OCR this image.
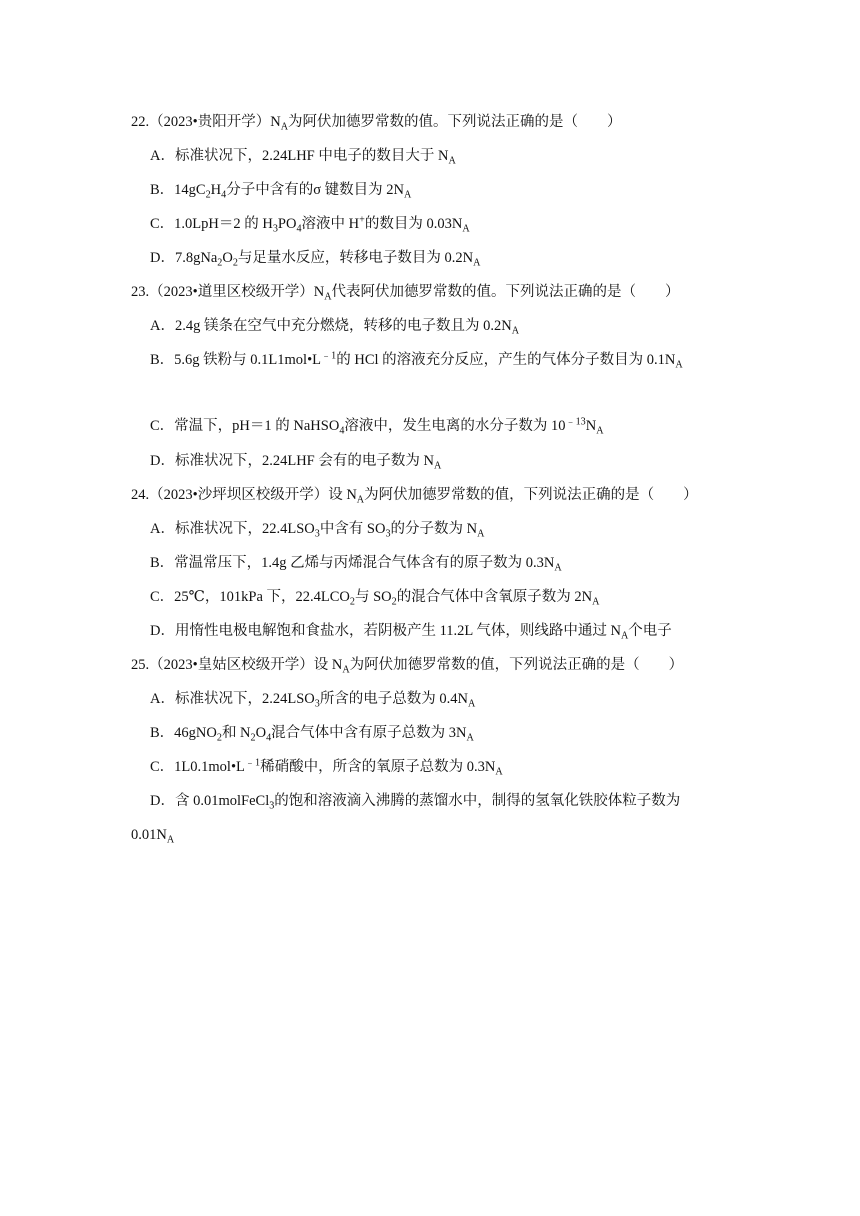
22.（2023•贵阳开学）$N_A$为阿伏加德罗常数的值。下列说法正确的是（　　）
A．标准状况下，2.24LHF 中电子的数目大于 $N_A$
B．$14gC_2H_4$分子中含有的σ 键数目为 $2N_A$
C．1.0LpH＝2 的 $H_3PO_4$溶液中 H+的数目为 $0.03N_A$
D．$7.8gNa_2O_2$与足量水反应，转移电子数目为 $0.2N_A$
23.（2023•道里区校级开学）$N_A$代表阿伏加德罗常数的值。下列说法正确的是（　　）
A．2.4g 镁条在空气中充分燃烧，转移的电子数且为 $0.2N_A$
B．5.6g 铁粉与 $0.1L1mol•L^{﹣1}$的 HCl 的溶液充分反应，产生的气体分子数目为 $0.1N_A$
C．常温下，pH＝1 的 NaHSO$_4$溶液中，发生电离的水分子数为 $10^{﹣13}N_A$
D．标准状况下，2.24LHF 会有的电子数为 $N_A$
24.（2023•沙坪坝区校级开学）设 $N_A$为阿伏加德罗常数的值，下列说法正确的是（　　）
A．标准状况下，$22.4LSO_3$中含有 $SO_3$的分子数为 $N_A$
B．常温常压下，1.4g 乙烯与丙烯混合气体含有的原子数为 $0.3N_A$
C．25℃，101kPa 下，$22.4LCO_2$与 $SO_2$的混合气体中含氧原子数为 $2N_A$
D．用惰性电极电解饱和食盐水，若阴极产生 11.2L 气体，则线路中通过 $N_A$个电子
25.（2023•皇姑区校级开学）设 $N_A$为阿伏加德罗常数的值，下列说法正确的是（　　）
A．标准状况下，$2.24LSO_3$所含的电子总数为 $0.4N_A$
B．46gNO$_2$和 $N_2O_4$混合气体中含有原子总数为 $3N_A$
C．$1L0.1mol•L^{﹣1}$稀硝酸中，所含的氧原子总数为 $0.3N_A$
D．含 0.01molFeCl$_3$的饱和溶液滴入沸腾的蒸馏水中，制得的氢氧化铁胶体粒子数为
$0.01N_A$
